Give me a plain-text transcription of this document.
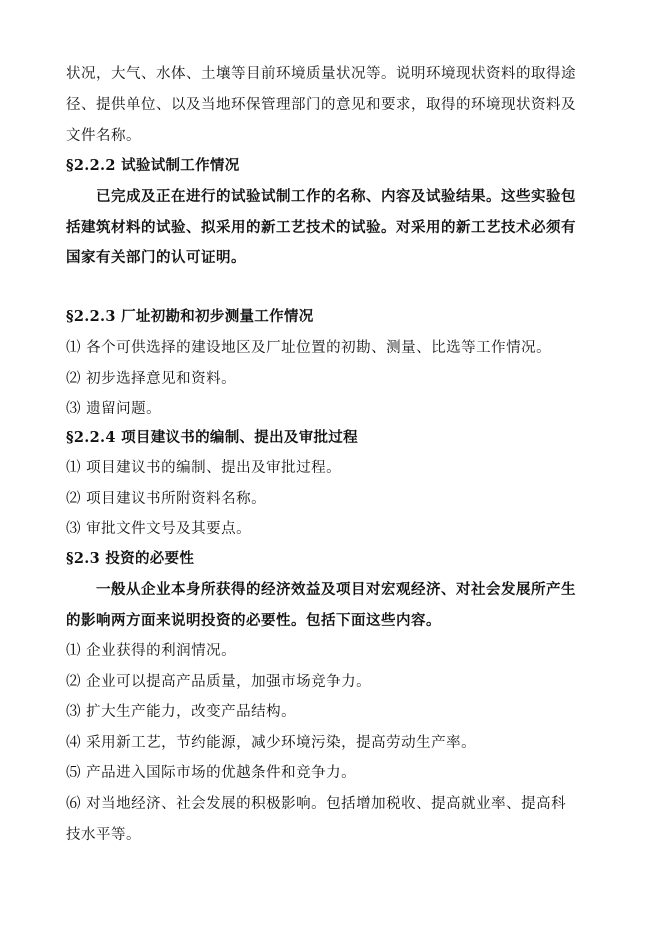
状况，大气、水体、土壤等目前环境质量状况等。说明环境现状资料的取得途
径、提供单位、以及当地环保管理部门的意见和要求，取得的环境现状资料及
文件名称。
§2.2.2 试验试制工作情况
已完成及正在进行的试验试制工作的名称、内容及试验结果。这些实验包
括建筑材料的试验、拟采用的新工艺技术的试验。对采用的新工艺技术必须有
国家有关部门的认可证明。
§2.2.3 厂址初勘和初步测量工作情况
⑴ 各个可供选择的建设地区及厂址位置的初勘、测量、比选等工作情况。
⑵ 初步选择意见和资料。
⑶ 遗留问题。
§2.2.4 项目建议书的编制、提出及审批过程
⑴ 项目建议书的编制、提出及审批过程。
⑵ 项目建议书所附资料名称。
⑶ 审批文件文号及其要点。
§2.3 投资的必要性
一般从企业本身所获得的经济效益及项目对宏观经济、对社会发展所产生
的影响两方面来说明投资的必要性。包括下面这些内容。
⑴ 企业获得的利润情况。
⑵ 企业可以提高产品质量，加强市场竞争力。
⑶ 扩大生产能力，改变产品结构。
⑷ 采用新工艺，节约能源，减少环境污染，提高劳动生产率。
⑸ 产品进入国际市场的优越条件和竞争力。
⑹ 对当地经济、社会发展的积极影响。包括增加税收、提高就业率、提高科
技水平等。
